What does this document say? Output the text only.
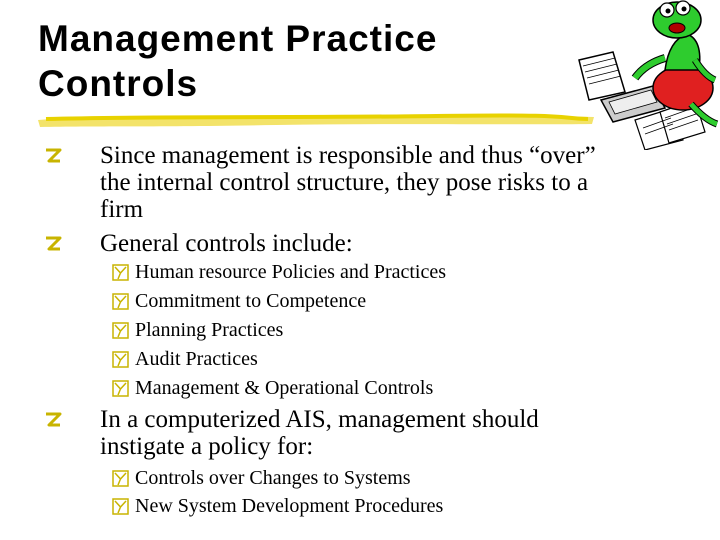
Management Practice
Controls
Since management is responsible and thus “over”
the internal control structure, they pose risks to a
firm
General controls include:
Human resource Policies and Practices
Commitment to Competence
Planning Practices
Audit Practices
Management & Operational Controls
In a computerized AIS, management should
instigate a policy for:
Controls over Changes to Systems
New System Development Procedures
